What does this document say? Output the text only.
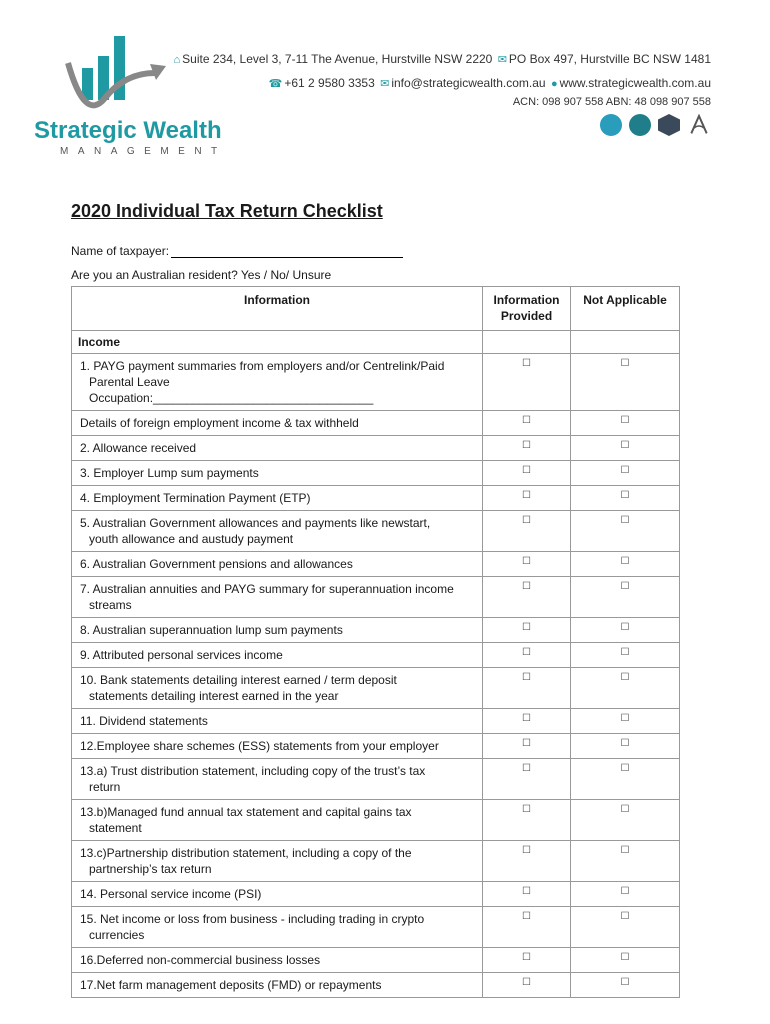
Strategic Wealth
MANAGEMENT
⌂ Suite 234, Level 3, 7-11 The Avenue, Hurstville NSW 2220 ✉ PO Box 497, Hurstville BC NSW 1481
☎ +61 2 9580 3353 ✉ info@strategicwealth.com.au ● www.strategicwealth.com.au
ACN: 098 907 558 ABN: 48 098 907 558
2020 Individual Tax Return Checklist
Name of taxpayer:
Are you an Australian resident? Yes / No/ Unsure
Information	Information Provided	Not Applicable
Income		
1. PAYG payment summaries from employers and/or Centrelink/Paid
Parental Leave
Occupation:_________________________________	☐	☐
Details of foreign employment income & tax withheld	☐	☐
2. Allowance received	☐	☐
3. Employer Lump sum payments	☐	☐
4. Employment Termination Payment (ETP)	☐	☐
5. Australian Government allowances and payments like newstart,
youth allowance and austudy payment	☐	☐
6. Australian Government pensions and allowances	☐	☐
7. Australian annuities and PAYG summary for superannuation income
streams	☐	☐
8. Australian superannuation lump sum payments	☐	☐
9. Attributed personal services income	☐	☐
10. Bank statements detailing interest earned / term deposit
statements detailing interest earned in the year	☐	☐
11. Dividend statements	☐	☐
12.Employee share schemes (ESS) statements from your employer	☐	☐
13.a) Trust distribution statement, including copy of the trust’s tax
return	☐	☐
13.b)Managed fund annual tax statement and capital gains tax
statement	☐	☐
13.c)Partnership distribution statement, including a copy of the
partnership’s tax return	☐	☐
14. Personal service income (PSI)	☐	☐
15. Net income or loss from business - including trading in crypto
currencies	☐	☐
16.Deferred non-commercial business losses	☐	☐
17.Net farm management deposits (FMD) or repayments	☐	☐
